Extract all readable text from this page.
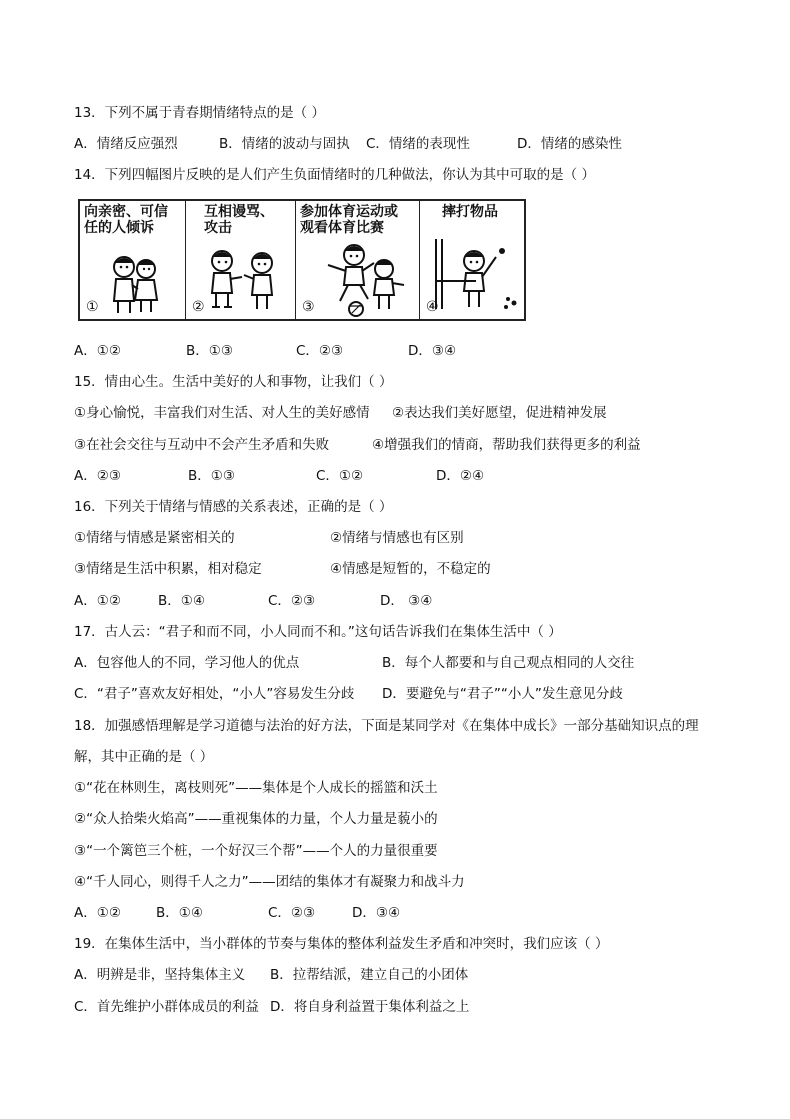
13．下列不属于青春期情绪特点的是（ ）
A．情绪反应强烈	B．情绪的波动与固执 C．情绪的表现性	D．情绪的感染性
14．下列四幅图片反映的是人们产生负面情绪时的几种做法，你认为其中可取的是（ ）
向亲密、可信
任的人倾诉
①
互相谩骂、
攻击
②
参加体育运动或
观看体育比赛
③
摔打物品
④
A．①②	B．①③	C．②③	D．③④
15．情由心生。生活中美好的人和事物，让我们（ ）
①身心愉悦，丰富我们对生活、对人生的美好感情 ②表达我们美好愿望，促进精神发展
③在社会交往与互动中不会产生矛盾和失败	④增强我们的情商，帮助我们获得更多的利益
A．②③	B．①③	C．①②	D．②④
16．下列关于情绪与情感的关系表述，正确的是（ ）
①情绪与情感是紧密相关的	②情绪与情感也有区别
③情绪是生活中积累，相对稳定	④情感是短暂的，不稳定的
A．①②	B．①④	C．②③	D． ③④
17．古人云：“君子和而不同，小人同而不和。”这句话告诉我们在集体生活中（ ）
A．包容他人的不同，学习他人的优点	B．每个人都要和与自己观点相同的人交往
C．“君子”喜欢友好相处，“小人”容易发生分歧 D．要避免与“君子”“小人”发生意见分歧
18．加强感悟理解是学习道德与法治的好方法，下面是某同学对《在集体中成长》一部分基础知识点的理
解，其中正确的是（ ）
①“花在林则生，离枝则死”——集体是个人成长的摇篮和沃土
②“众人拾柴火焰高”——重视集体的力量，个人力量是藐小的
③“一个篱笆三个桩，一个好汉三个帮”——个人的力量很重要
④“千人同心，则得千人之力”——团结的集体才有凝聚力和战斗力
A．①②	B．①④	C．②③	D．③④
19．在集体生活中，当小群体的节奏与集体的整体利益发生矛盾和冲突时，我们应该（ ）
A．明辨是非，坚持集体主义 B．拉帮结派，建立自己的小团体
C．首先维护小群体成员的利益 D．将自身利益置于集体利益之上
